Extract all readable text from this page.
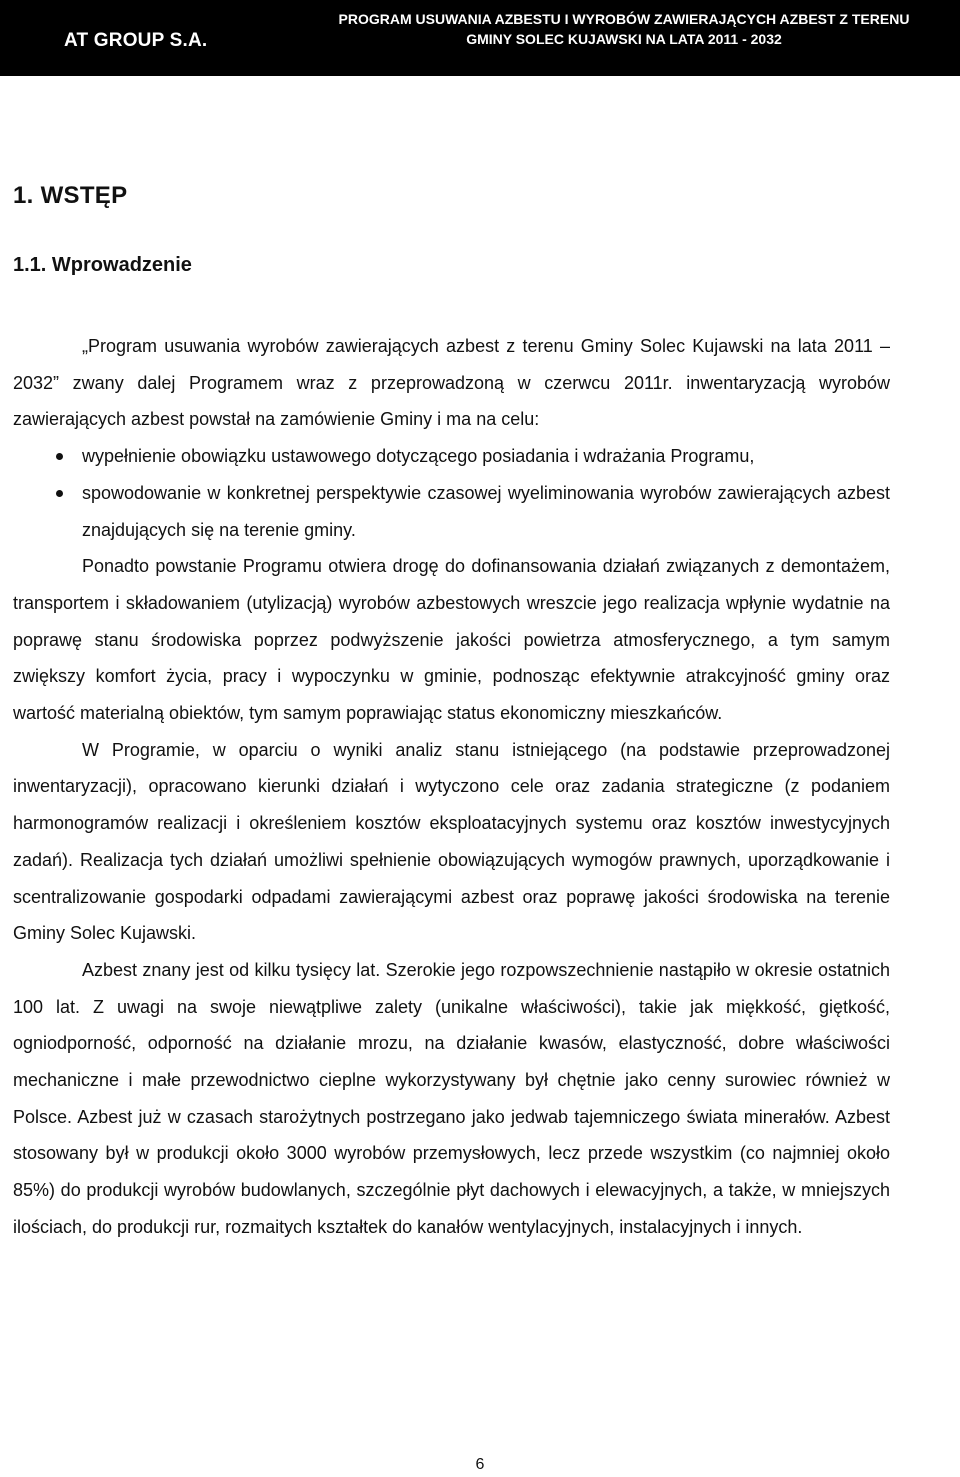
AT GROUP S.A.
PROGRAM USUWANIA AZBESTU I WYROBÓW ZAWIERAJĄCYCH AZBEST Z TERENU
GMINY SOLEC KUJAWSKI NA LATA 2011 - 2032
1. WSTĘP
1.1. Wprowadzenie

„Program usuwania wyrobów zawierających azbest z terenu Gminy Solec Kujawski na lata 2011 – 2032” zwany dalej Programem wraz z przeprowadzoną w czerwcu 2011r. inwentaryzacją wyrobów zawierających azbest powstał na zamówienie Gminy i ma na celu:

wypełnienie obowiązku ustawowego dotyczącego posiadania i wdrażania Programu,
spowodowanie w konkretnej perspektywie czasowej wyeliminowania wyrobów zawierających azbest znajdujących się na terenie gminy.

Ponadto powstanie Programu otwiera drogę do dofinansowania działań związanych z demontażem, transportem i składowaniem (utylizacją) wyrobów azbestowych wreszcie jego realizacja wpłynie wydatnie na poprawę stanu środowiska poprzez podwyższenie jakości powietrza atmosferycznego, a tym samym zwiększy komfort życia, pracy i wypoczynku w gminie, podnosząc efektywnie atrakcyjność gminy oraz wartość materialną obiektów, tym samym poprawiając status ekonomiczny mieszkańców.

W Programie, w oparciu o wyniki analiz stanu istniejącego (na podstawie przeprowadzonej inwentaryzacji), opracowano kierunki działań i wytyczono cele oraz zadania strategiczne (z podaniem harmonogramów realizacji i określeniem kosztów eksploatacyjnych systemu oraz kosztów inwestycyjnych zadań). Realizacja tych działań umożliwi spełnienie obowiązujących wymogów prawnych, uporządkowanie i scentralizowanie gospodarki odpadami zawierającymi azbest oraz poprawę jakości środowiska na terenie Gminy Solec Kujawski.

Azbest znany jest od kilku tysięcy lat. Szerokie jego rozpowszechnienie nastąpiło w okresie ostatnich 100 lat. Z uwagi na swoje niewątpliwe zalety (unikalne właściwości), takie jak miękkość, giętkość, ogniodporność, odporność na działanie mrozu, na działanie kwasów, elastyczność, dobre właściwości mechaniczne i małe przewodnictwo cieplne wykorzystywany był chętnie jako cenny surowiec również w Polsce. Azbest już w czasach starożytnych postrzegano jako jedwab tajemniczego świata minerałów. Azbest stosowany był w produkcji około 3000 wyrobów przemysłowych, lecz przede wszystkim (co najmniej około 85%) do produkcji wyrobów budowlanych, szczególnie płyt dachowych i elewacyjnych, a także, w mniejszych ilościach, do produkcji rur, rozmaitych kształtek do kanałów wentylacyjnych, instalacyjnych i innych.

6
